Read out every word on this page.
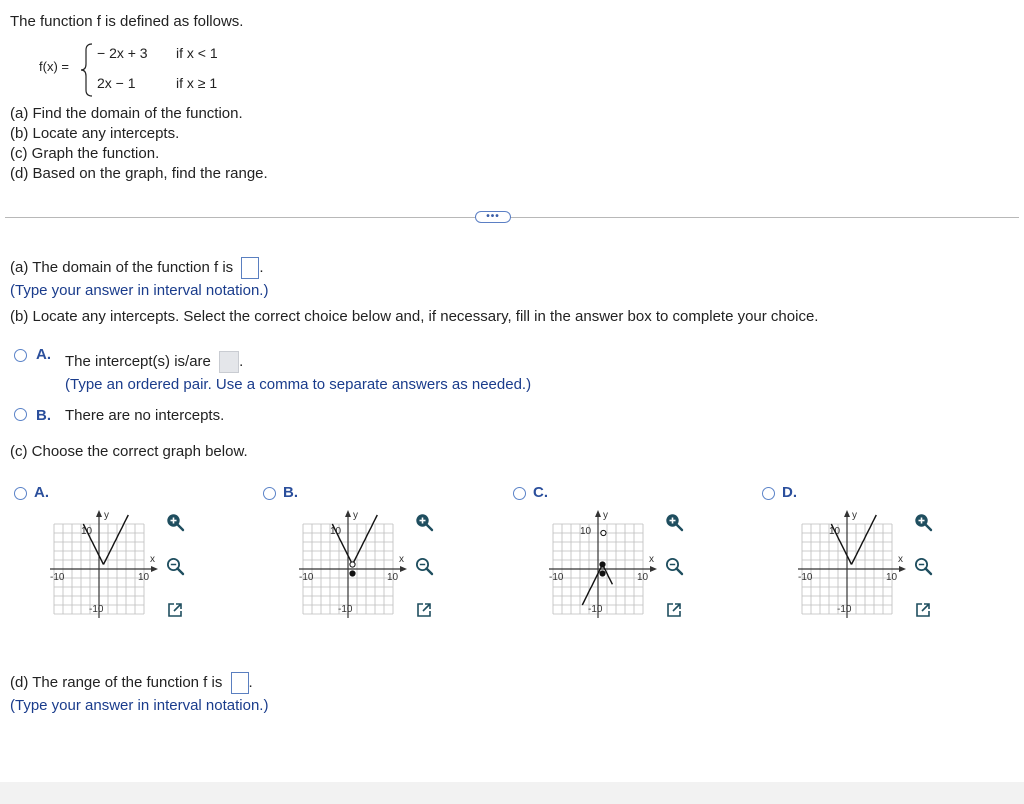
The function f is defined as follows.
f(x) =
− 2x + 3 if x < 1
2x − 1	if x ≥ 1
(a) Find the domain of the function.
(b) Locate any intercepts.
(c) Graph the function.
(d) Based on the graph, find the range.
•••
(a) The domain of the function f is .
(Type your answer in interval notation.)
(b) Locate any intercepts. Select the correct choice below and, if necessary, fill in the answer box to complete your choice.
A. The intercept(s) is/are .
(Type an ordered pair. Use a comma to separate answers as needed.)
B. There are no intercepts.
(c) Choose the correct graph below.
A.
y
x
10
-10	10
-10
B.
y
x
10
-10	10
-10
C.
y
x
10
-10	10
-10
D.
y
x
10
-10	10
-10
(d) The range of the function f is .
(Type your answer in interval notation.)
